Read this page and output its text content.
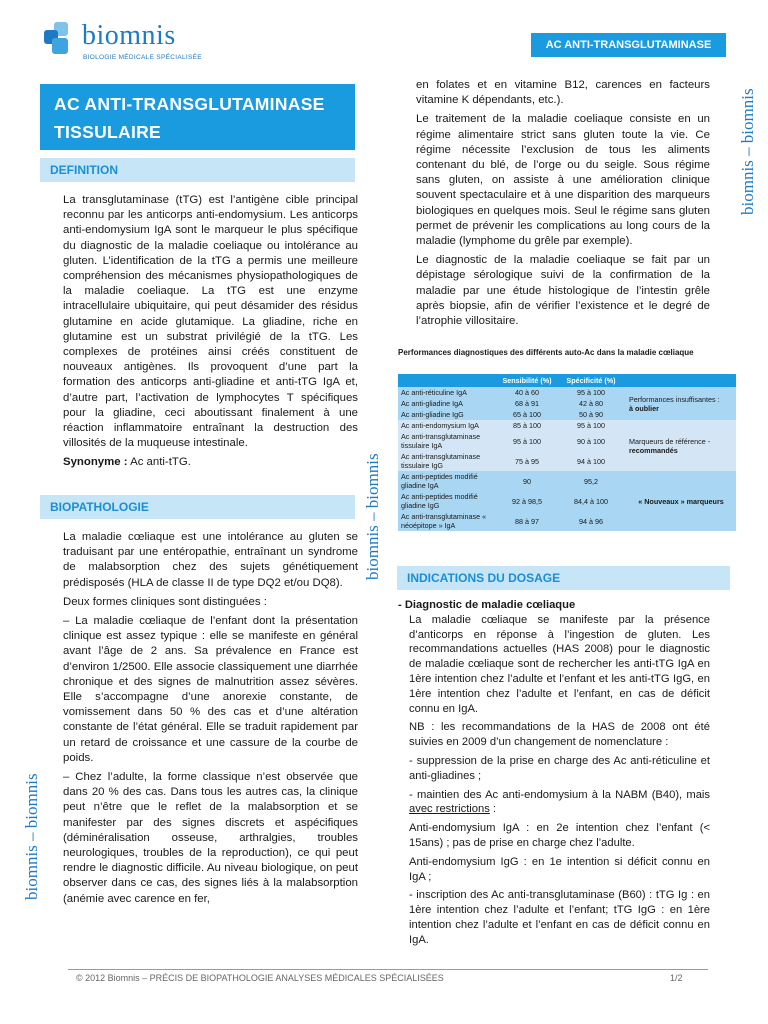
biomnis
BIOLOGIE MÉDICALE SPÉCIALISÉE
AC ANTI-TRANSGLUTAMINASE
AC ANTI-TRANSGLUTAMINASE TISSULAIRE
DEFINITION

La transglutaminase (tTG) est l’antigène cible principal reconnu par les anticorps anti-endomysium. Les anticorps anti-endomysium IgA sont le marqueur le plus spécifique du diagnostic de la maladie coeliaque ou intolérance au gluten. L’identification de la tTG a permis une meilleure compréhension des mécanismes physiopathologiques de la maladie coeliaque. La tTG est une enzyme intracellulaire ubiquitaire, qui peut désamider des résidus glutamine en acide glutamique. La gliadine, riche en glutamine est un substrat privilégié de la tTG. Les complexes de protéines ainsi créés constituent de nouveaux antigènes. Ils provoquent d’une part la formation des anticorps anti-gliadine et anti-tTG IgA et, d’autre part, l’activation de lymphocytes T spécifiques pour la gliadine, ceci aboutissant finalement à une réaction inflammatoire entraînant la destruction des villosités de la muqueuse intestinale.

Synonyme : Ac anti-tTG.

BIOPATHOLOGIE

La maladie cœliaque est une intolérance au gluten se traduisant par une entéropathie, entraînant un syndrome de malabsorption chez des sujets génétiquement prédisposés (HLA de classe II de type DQ2 et/ou DQ8).

Deux formes cliniques sont distinguées :

– La maladie cœliaque de l’enfant dont la présentation clinique est assez typique : elle se manifeste en général avant l’âge de 2 ans. Sa prévalence en France est d’environ 1/2500. Elle associe classiquement une diarrhée chronique et des signes de malnutrition assez sévères. Elle s’accompagne d’une anorexie constante, de vomissement dans 50 % des cas et d’une altération constante de l’état général. Elle se traduit rapidement par un retard de croissance et une cassure de la courbe de poids.

– Chez l’adulte, la forme classique n’est observée que dans 20 % des cas. Dans tous les autres cas, la clinique peut n’être que le reflet de la malabsorption et se manifester par des signes discrets et aspécifiques (déminéralisation osseuse, arthralgies, troubles neurologiques, troubles de la reproduction), ce qui peut rendre le diagnostic difficile. Au niveau biologique, on peut observer dans ce cas, des signes liés à la malabsorption (anémie avec carence en fer,

en folates et en vitamine B12, carences en facteurs vitamine K dépendants, etc.).

Le traitement de la maladie coeliaque consiste en un régime alimentaire strict sans gluten toute la vie. Ce régime nécessite l’exclusion de tous les aliments contenant du blé, de l’orge ou du seigle. Sous régime sans gluten, on assiste à une amélioration clinique souvent spectaculaire et à une disparition des marqueurs biologiques en quelques mois. Seul le régime sans gluten permet de prévenir les complications au long cours de la maladie (lymphome du grêle par exemple).

Le diagnostic de la maladie coeliaque se fait par un dépistage sérologique suivi de la confirmation de la maladie par une étude histologique de l’intestin grêle après biopsie, afin de vérifier l’existence et le degré de l’atrophie villositaire.

Performances diagnostiques des différents auto-Ac dans la maladie cœliaque
	Sensibilité (%)	Spécificité (%)	
Ac anti-réticuline IgA	40 à 60	95 à 100	Performances insuffisantes :
à oublier

Ac anti-gliadine IgA	68 à 91	42 à 80	
Ac anti-gliadine IgG	65 à 100	50 à 90	
Ac anti-endomysium IgA	85 à 100	95 à 100	Marqueurs de référence -
recommandés

Ac anti-transglutaminase tissulaire IgA	95 à 100	90 à 100	
Ac anti-transglutaminase tissulaire IgG	75 à 95	94 à 100	
Ac anti-peptides modifié gliadine IgA	90	95,2	« Nouveaux » marqueurs
Ac anti-peptides modifié gliadine IgG	92 à 98,5	84,4 à 100	
Ac anti-transglutaminase « néoépitope » IgA	88 à 97	94 à 96	
INDICATIONS DU DOSAGE

- Diagnostic de maladie cœliaque

La maladie cœliaque se manifeste par la présence d’anticorps en réponse à l’ingestion de gluten. Les recommandations actuelles (HAS 2008) pour le diagnostic de maladie cœliaque sont de rechercher les anti-tTG IgA en 1ère intention chez l’adulte et l’enfant et les anti-tTG IgG, en 1ère intention chez l’adulte et l’enfant, en cas de déficit connu en IgA.

NB : les recommandations de la HAS de 2008 ont été suivies en 2009 d’un changement de nomenclature :

- suppression de la prise en charge des Ac anti-réticuline et anti-gliadines ;

- maintien des Ac anti-endomysium à la NABM (B40), mais avec restrictions :

Anti-endomysium IgA : en 2e intention chez l’enfant (< 15ans) ; pas de prise en charge chez l’adulte.

Anti-endomysium IgG : en 1e intention si déficit connu en IgA ;

- inscription des Ac anti-transglutaminase (B60) : tTG Ig : en 1ère intention chez l’adulte et l’enfant; tTG IgG : en 1ère intention chez l’adulte et l’enfant en cas de déficit connu en IgA.

biomnis – biomnis
biomnis – biomnis
biomnis – biomnis
© 2012 Biomnis – PRÉCIS DE BIOPATHOLOGIE ANALYSES MÉDICALES SPÉCIALISÉES	1/2
